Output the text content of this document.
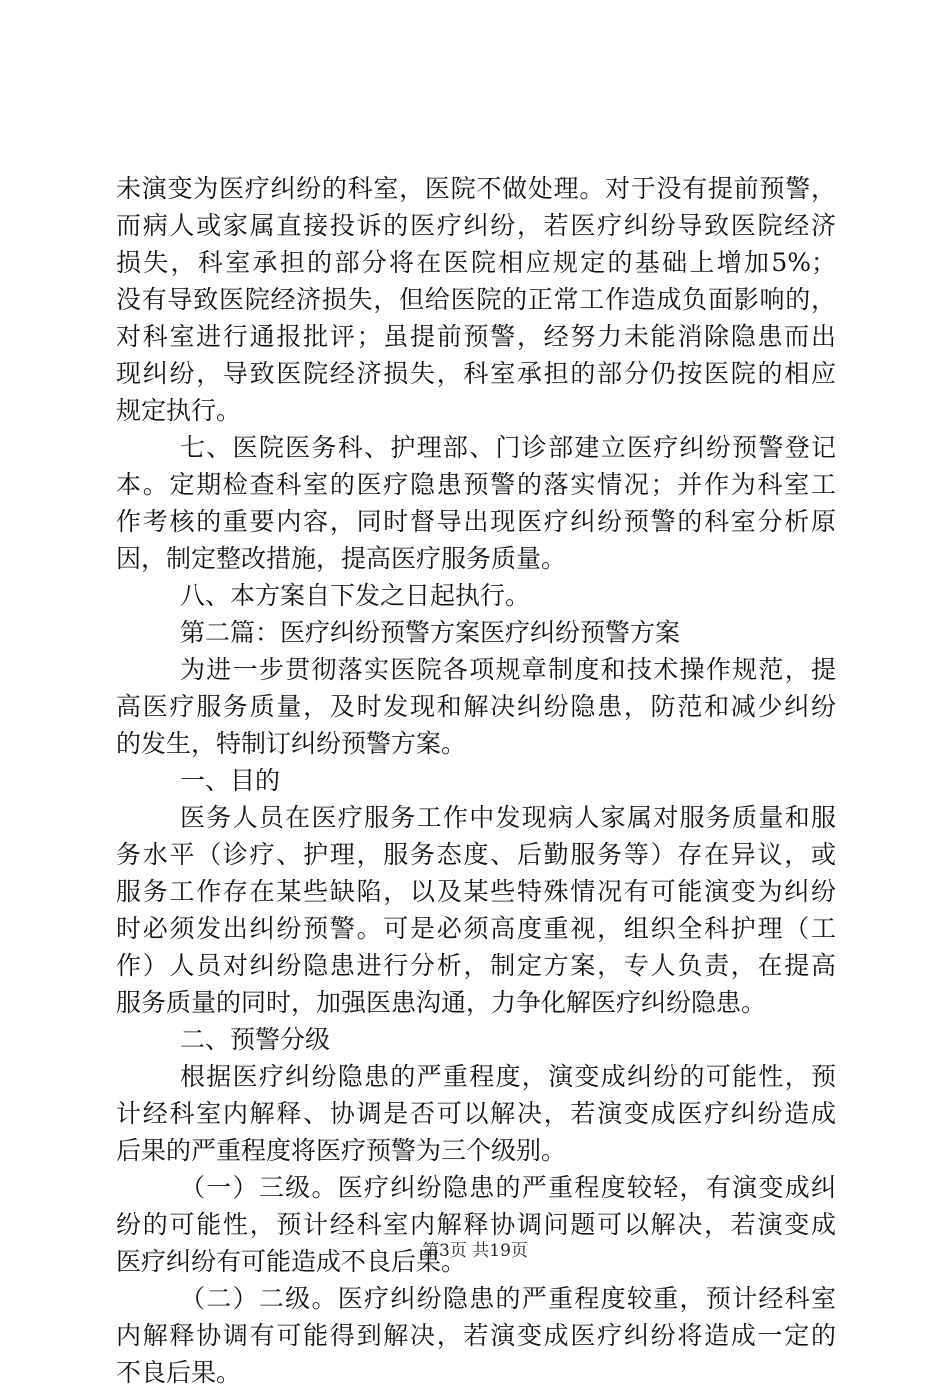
未演变为医疗纠纷的科室，医院不做处理。对于没有提前预警，
而病人或家属直接投诉的医疗纠纷，若医疗纠纷导致医院经济
损失，科室承担的部分将在医院相应规定的基础上增加5%；
没有导致医院经济损失，但给医院的正常工作造成负面影响的，
对科室进行通报批评；虽提前预警，经努力未能消除隐患而出
现纠纷，导致医院经济损失，科室承担的部分仍按医院的相应
规定执行。
七、医院医务科、护理部、门诊部建立医疗纠纷预警登记
本。定期检查科室的医疗隐患预警的落实情况；并作为科室工
作考核的重要内容，同时督导出现医疗纠纷预警的科室分析原
因，制定整改措施，提高医疗服务质量。
八、本方案自下发之日起执行。
第二篇：医疗纠纷预警方案医疗纠纷预警方案
为进一步贯彻落实医院各项规章制度和技术操作规范，提
高医疗服务质量，及时发现和解决纠纷隐患，防范和减少纠纷
的发生，特制订纠纷预警方案。
一、目的
医务人员在医疗服务工作中发现病人家属对服务质量和服
务水平（诊疗、护理，服务态度、后勤服务等）存在异议，或
服务工作存在某些缺陷，以及某些特殊情况有可能演变为纠纷
时必须发出纠纷预警。可是必须高度重视，组织全科护理（工
作）人员对纠纷隐患进行分析，制定方案，专人负责，在提高
服务质量的同时，加强医患沟通，力争化解医疗纠纷隐患。
二、预警分级
根据医疗纠纷隐患的严重程度，演变成纠纷的可能性，预
计经科室内解释、协调是否可以解决，若演变成医疗纠纷造成
后果的严重程度将医疗预警为三个级别。
（一）三级。医疗纠纷隐患的严重程度较轻，有演变成纠
纷的可能性，预计经科室内解释协调问题可以解决，若演变成
医疗纠纷有可能造成不良后果。
（二）二级。医疗纠纷隐患的严重程度较重，预计经科室
内解释协调有可能得到解决，若演变成医疗纠纷将造成一定的
不良后果。
第3页 共19页
